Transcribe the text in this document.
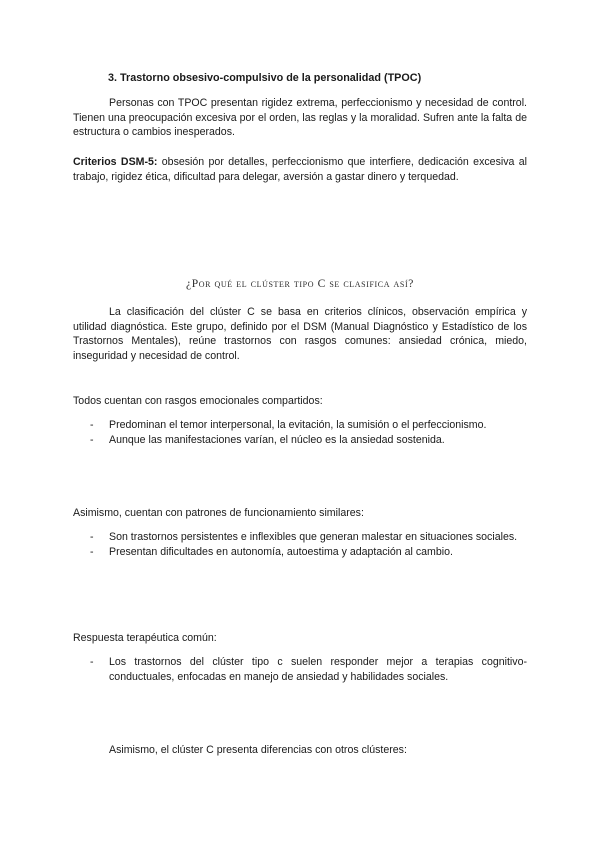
3. Trastorno obsesivo-compulsivo de la personalidad (TPOC)

Personas con TPOC presentan rigidez extrema, perfeccionismo y necesidad de control. Tienen una preocupación excesiva por el orden, las reglas y la moralidad. Sufren ante la falta de estructura o cambios inesperados.

Criterios DSM-5: obsesión por detalles, perfeccionismo que interfiere, dedicación excesiva al trabajo, rigidez ética, dificultad para delegar, aversión a gastar dinero y terquedad.

¿Por qué el clúster tipo C se clasifica así?

La clasificación del clúster C se basa en criterios clínicos, observación empírica y utilidad diagnóstica. Este grupo, definido por el DSM (Manual Diagnóstico y Estadístico de los Trastornos Mentales), reúne trastornos con rasgos comunes: ansiedad crónica, miedo, inseguridad y necesidad de control.

Todos cuentan con rasgos emocionales compartidos:

- Predominan el temor interpersonal, la evitación, la sumisión o el perfeccionismo.
- Aunque las manifestaciones varían, el núcleo es la ansiedad sostenida.

Asimismo, cuentan con patrones de funcionamiento similares:

- Son trastornos persistentes e inflexibles que generan malestar en situaciones sociales.
- Presentan dificultades en autonomía, autoestima y adaptación al cambio.

Respuesta terapéutica común:

- Los trastornos del clúster tipo c suelen responder mejor a terapias cognitivo-conductuales, enfocadas en manejo de ansiedad y habilidades sociales.

Asimismo, el clúster C presenta diferencias con otros clústeres:
